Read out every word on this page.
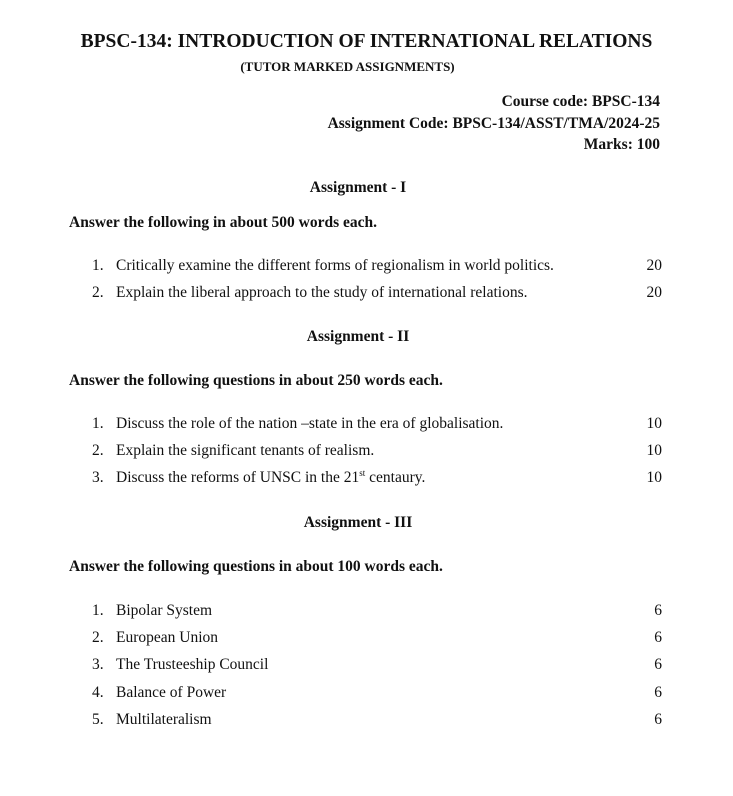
BPSC-134: INTRODUCTION OF INTERNATIONAL RELATIONS
(TUTOR MARKED ASSIGNMENTS)
Course code: BPSC-134
Assignment Code: BPSC-134/ASST/TMA/2024-25
Marks: 100
Assignment - I
Answer the following in about 500 words each.
1. Critically examine the different forms of regionalism in world politics.	20
2. Explain the liberal approach to the study of international relations.	20
Assignment - II
Answer the following questions in about 250 words each.
1. Discuss the role of the nation –state in the era of globalisation.	10
2. Explain the significant tenants of realism.	10
3. Discuss the reforms of UNSC in the 21st centaury.	10
Assignment - III
Answer the following questions in about 100 words each.
1. Bipolar System	6
2. European Union	6
3. The Trusteeship Council	6
4. Balance of Power	6
5. Multilateralism	6
